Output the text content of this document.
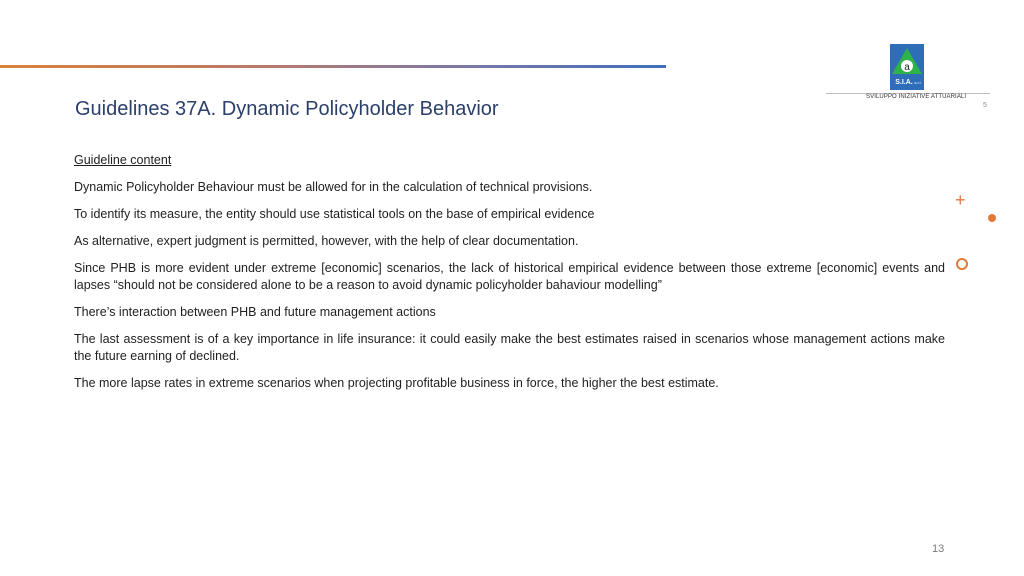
Guidelines 37A. Dynamic Policyholder Behavior
a
S.I.A. s.r.l.
SVILUPPO INIZIATIVE ATTUARIALI
5

Guideline content

Dynamic Policyholder Behaviour must be allowed for in the calculation of technical provisions.

To identify its measure, the entity should use statistical tools on the base of empirical evidence

As alternative, expert judgment is permitted, however, with the help of clear documentation.

Since PHB is more evident under extreme [economic] scenarios, the lack of historical empirical evidence between those extreme [economic] events and lapses “should not be considered alone to be a reason to avoid dynamic policyholder bahaviour modelling”

There’s interaction between PHB and future management actions

The last assessment is of a key importance in life insurance: it could easily make the best estimates raised in scenarios whose management actions make the future earning of declined.

The more lapse rates in extreme scenarios when projecting profitable business in force, the higher the best estimate.

+
13
